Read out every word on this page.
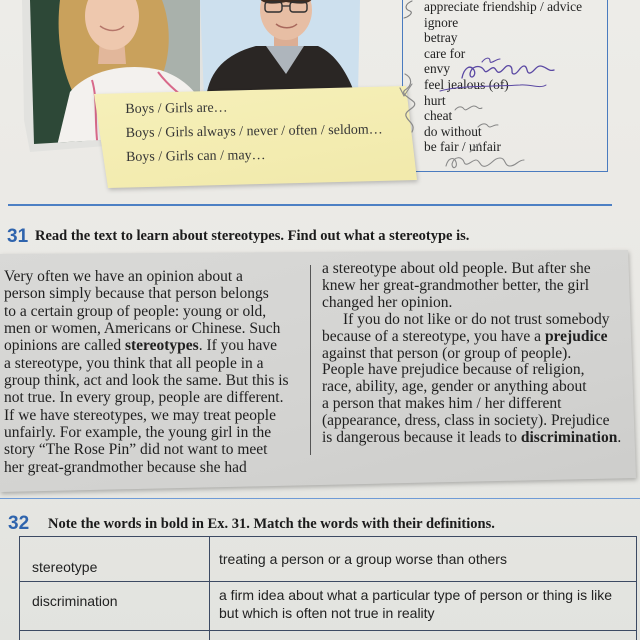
appreciate friendship / advice
ignore
betray
care for
envy
feel jealous (of)
hurt
cheat
do without
be fair / unfair
Boys / Girls are…
Boys / Girls always / never / often / seldom…
Boys / Girls can / may…
31 Read the text to learn about stereotypes. Find out what a stereotype is.
Very often we have an opinion about a
person simply because that person belongs
to a certain group of people: young or old,
men or women, Americans or Chinese. Such
opinions are called stereotypes. If you have
a stereotype, you think that all people in a
group think, act and look the same. But this is
not true. In every group, people are different.
If we have stereotypes, we may treat people
unfairly. For example, the young girl in the
story “The Rose Pin” did not want to meet
her great-grandmother because she had
a stereotype about old people. But after she
knew her great-grandmother better, the girl
changed her opinion.
If you do not like or do not trust somebody
because of a stereotype, you have a prejudice
against that person (or group of people).
People have prejudice because of religion,
race, ability, age, gender or anything about
a person that makes him / her different
(appearance, dress, class in society). Prejudice
is dangerous because it leads to discrimination.
32 Note the words in bold in Ex. 31. Match the words with their definitions.
stereotype	treating a person or a group worse than others
discrimination	a firm idea about what a particular type of person or thing is like but which is often not true in reality
